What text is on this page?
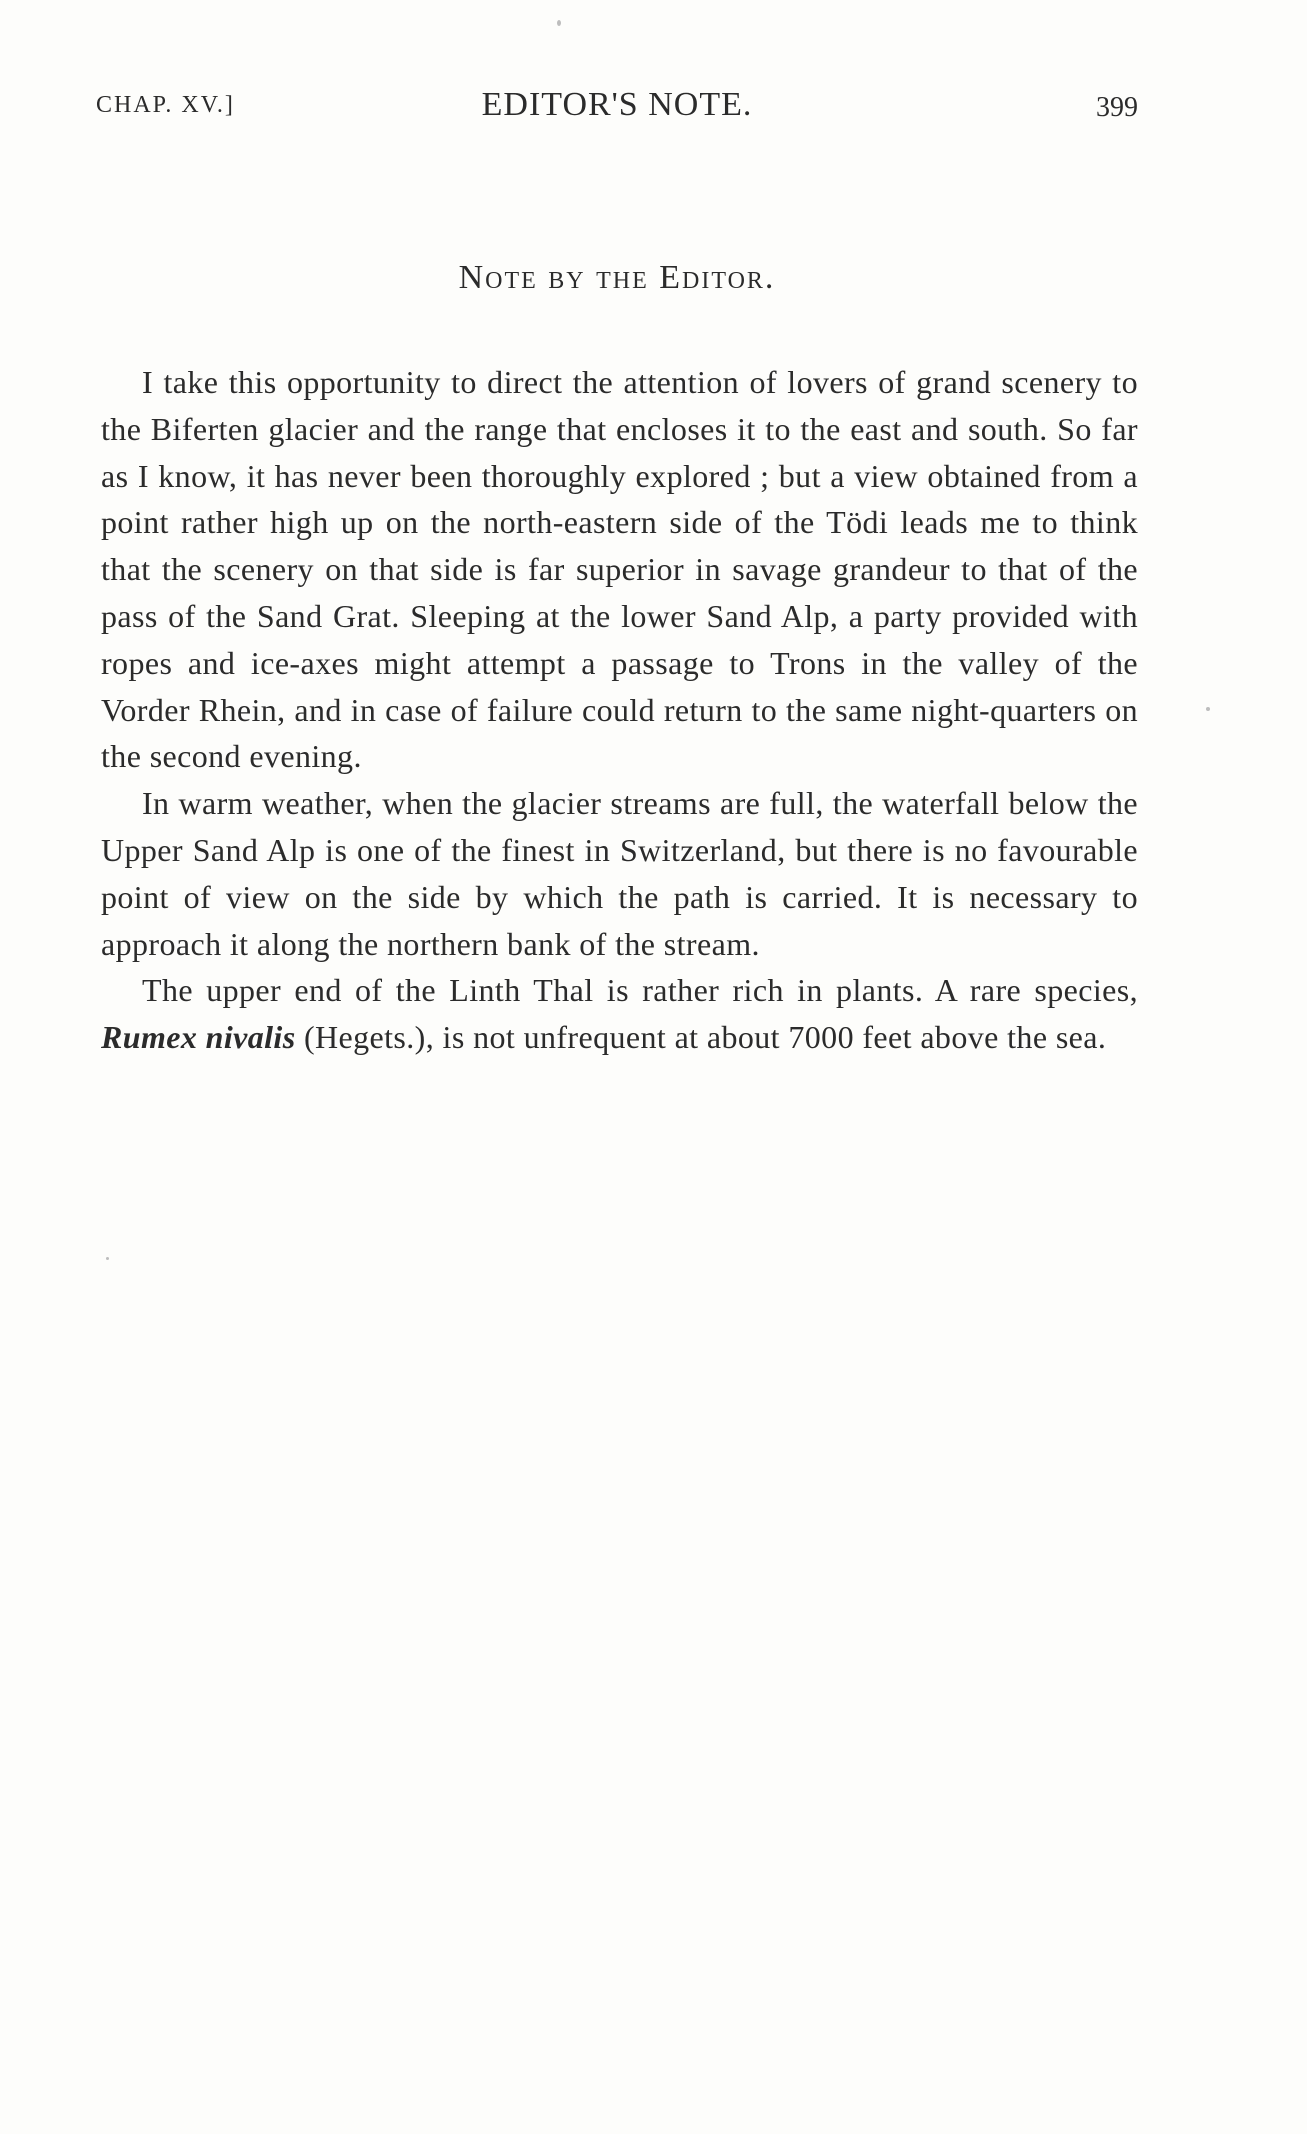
CHAP. XV.]	EDITOR'S NOTE.	399
Note by the Editor.

I take this opportunity to direct the attention of lovers of grand scenery to the Biferten glacier and the range that encloses it to the east and south. So far as I know, it has never been thoroughly explored ; but a view obtained from a point rather high up on the north-eastern side of the Tödi leads me to think that the scenery on that side is far superior in savage grandeur to that of the pass of the Sand Grat. Sleeping at the lower Sand Alp, a party provided with ropes and ice-axes might attempt a passage to Trons in the valley of the Vorder Rhein, and in case of failure could return to the same night-quarters on the second evening.

In warm weather, when the glacier streams are full, the waterfall below the Upper Sand Alp is one of the finest in Switzerland, but there is no favourable point of view on the side by which the path is carried. It is necessary to approach it along the northern bank of the stream.

The upper end of the Linth Thal is rather rich in plants. A rare species, Rumex nivalis (Hegets.), is not unfrequent at about 7000 feet above the sea.
